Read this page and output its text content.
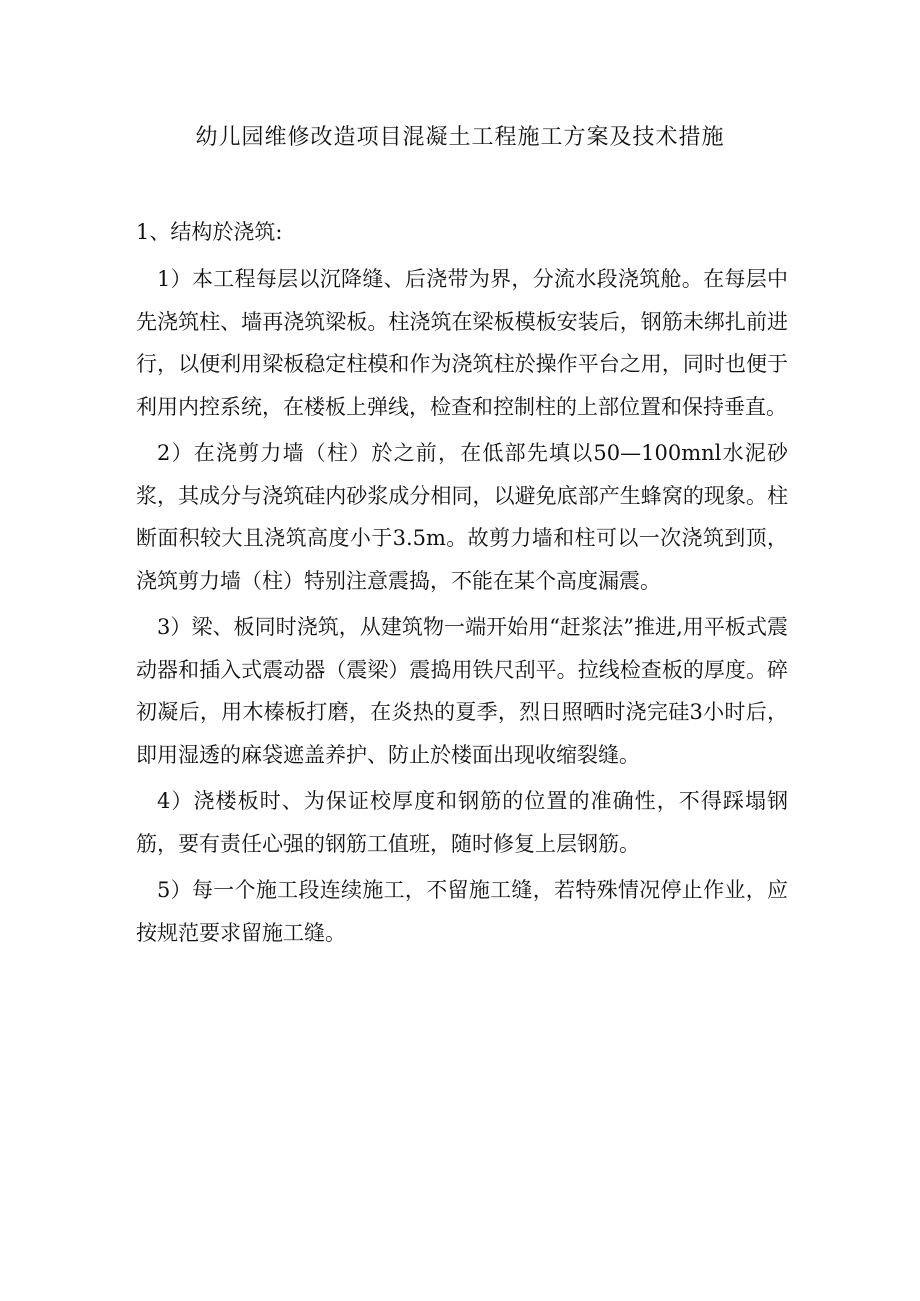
幼儿园维修改造项目混凝土工程施工方案及技术措施
1、结构於浇筑:

1）本工程每层以沉降缝、后浇带为界，分流水段浇筑舱。在每层中先浇筑柱、墙再浇筑梁板。柱浇筑在梁板模板安装后，钢筋未绑扎前进行，以便利用梁板稳定柱模和作为浇筑柱於操作平台之用，同时也便于利用内控系统，在楼板上弹线，检查和控制柱的上部位置和保持垂直。

2）在浇剪力墙（柱）於之前，在低部先填以50—100mnl水泥砂浆，其成分与浇筑硅内砂浆成分相同，以避免底部产生蜂窝的现象。柱断面积较大且浇筑高度小于3.5m。故剪力墙和柱可以一次浇筑到顶，浇筑剪力墙（柱）特别注意震捣，不能在某个高度漏震。

3）梁、板同时浇筑，从建筑物一端开始用“赶浆法”推进,用平板式震动器和插入式震动器（震梁）震捣用铁尺刮平。拉线检查板的厚度。碎初凝后，用木榛板打磨，在炎热的夏季，烈日照晒时浇完硅3小时后，即用湿透的麻袋遮盖养护、防止於楼面出现收缩裂缝。

4）浇楼板时、为保证校厚度和钢筋的位置的准确性，不得踩塌钢筋，要有责任心强的钢筋工值班，随时修复上层钢筋。

5）每一个施工段连续施工，不留施工缝，若特殊情况停止作业，应按规范要求留施工缝。
